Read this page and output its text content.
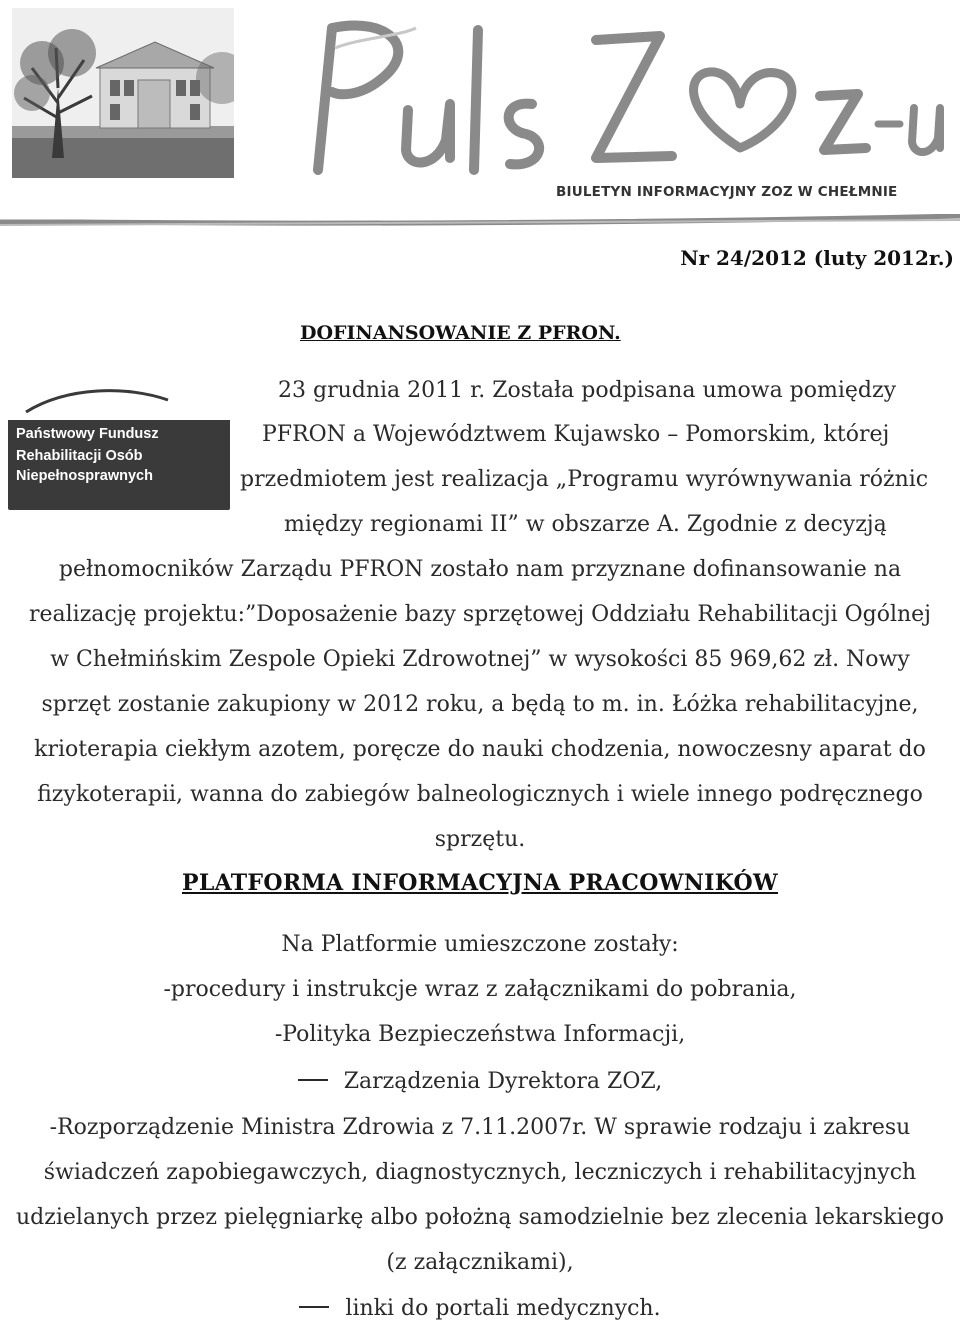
BIULETYN INFORMACYJNY ZOZ W CHEŁMNIE
Nr 24/2012 (luty 2012r.)
DOFINANSOWANIE Z PFRON.
Państwowy Fundusz
Rehabilitacji Osób
Niepełnosprawnych
23 grudnia 2011 r. Została podpisana umowa pomiędzy
PFRON a Województwem Kujawsko – Pomorskim, której
przedmiotem jest realizacja „Programu wyrównywania różnic
między regionami II” w obszarze A. Zgodnie z decyzją
pełnomocników Zarządu PFRON zostało nam przyznane dofinansowanie na
realizację projektu:”Doposażenie bazy sprzętowej Oddziału Rehabilitacji Ogólnej
w Chełmińskim Zespole Opieki Zdrowotnej” w wysokości 85 969,62 zł. Nowy
sprzęt zostanie zakupiony w 2012 roku, a będą to m. in. Łóżka rehabilitacyjne,
krioterapia ciekłym azotem, poręcze do nauki chodzenia, nowoczesny aparat do
fizykoterapii, wanna do zabiegów balneologicznych i wiele innego podręcznego
sprzętu.
PLATFORMA INFORMACYJNA PRACOWNIKÓW
Na Platformie umieszczone zostały:
-procedury i instrukcje wraz z załącznikami do pobrania,
-Polityka Bezpieczeństwa Informacji,
Zarządzenia Dyrektora ZOZ,
-Rozporządzenie Ministra Zdrowia z 7.11.2007r. W sprawie rodzaju i zakresu
świadczeń zapobiegawczych, diagnostycznych, leczniczych i rehabilitacyjnych
udzielanych przez pielęgniarkę albo położną samodzielnie bez zlecenia lekarskiego
(z załącznikami),
linki do portali medycznych.
